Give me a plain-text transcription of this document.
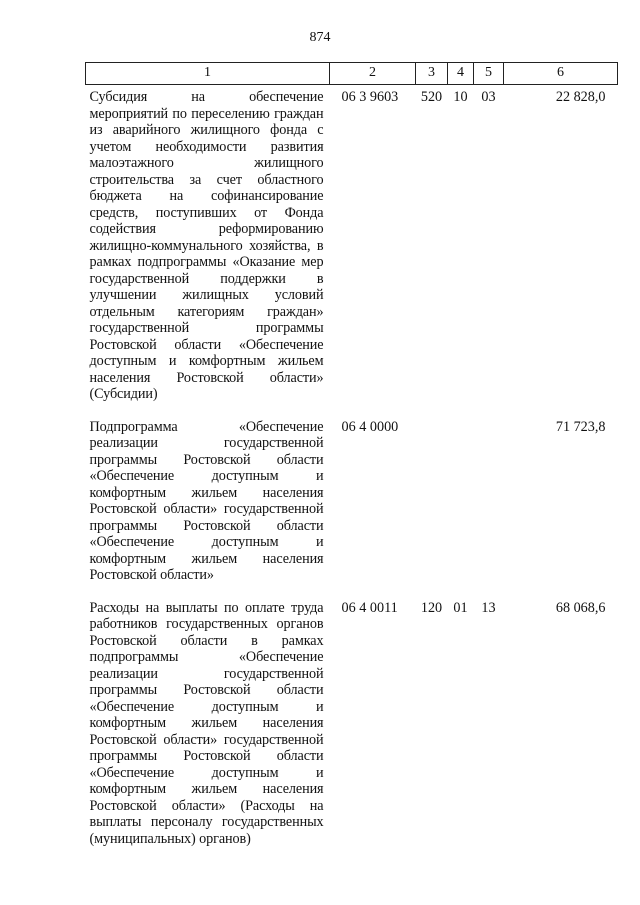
874
1	2	3	4	5	6
Субсидия на обеспечение мероприятий по переселению граждан из аварийного жилищного фонда с учетом необходимости развития малоэтажного жилищного строительства за счет областного бюджета на софинансирование средств, поступивших от Фонда содействия реформированию жилищно-коммунального хозяйства, в рамках подпрограммы «Оказание мер государственной поддержки в улучшении жилищных условий отдельным категориям граждан» государственной программы Ростовской области «Обеспечение доступным и комфортным жильем населения Ростовской области» (Субсидии)	06 3 9603	520	10	03	22 828,0
Подпрограмма «Обеспечение реализации государственной программы Ростовской области «Обеспечение доступным и комфортным жильем населения Ростовской области» государственной программы Ростовской области «Обеспечение доступным и комфортным жильем населения Ростовской области»	06 4 0000				71 723,8
Расходы на выплаты по оплате труда работников государственных органов Ростовской области в рамках подпрограммы «Обеспечение реализации государственной программы Ростовской области «Обеспечение доступным и комфортным жильем населения Ростовской области» государственной программы Ростовской области «Обеспечение доступным и комфортным жильем населения Ростовской области» (Расходы на выплаты персоналу государственных (муниципальных) органов)	06 4 0011	120	01	13	68 068,6
